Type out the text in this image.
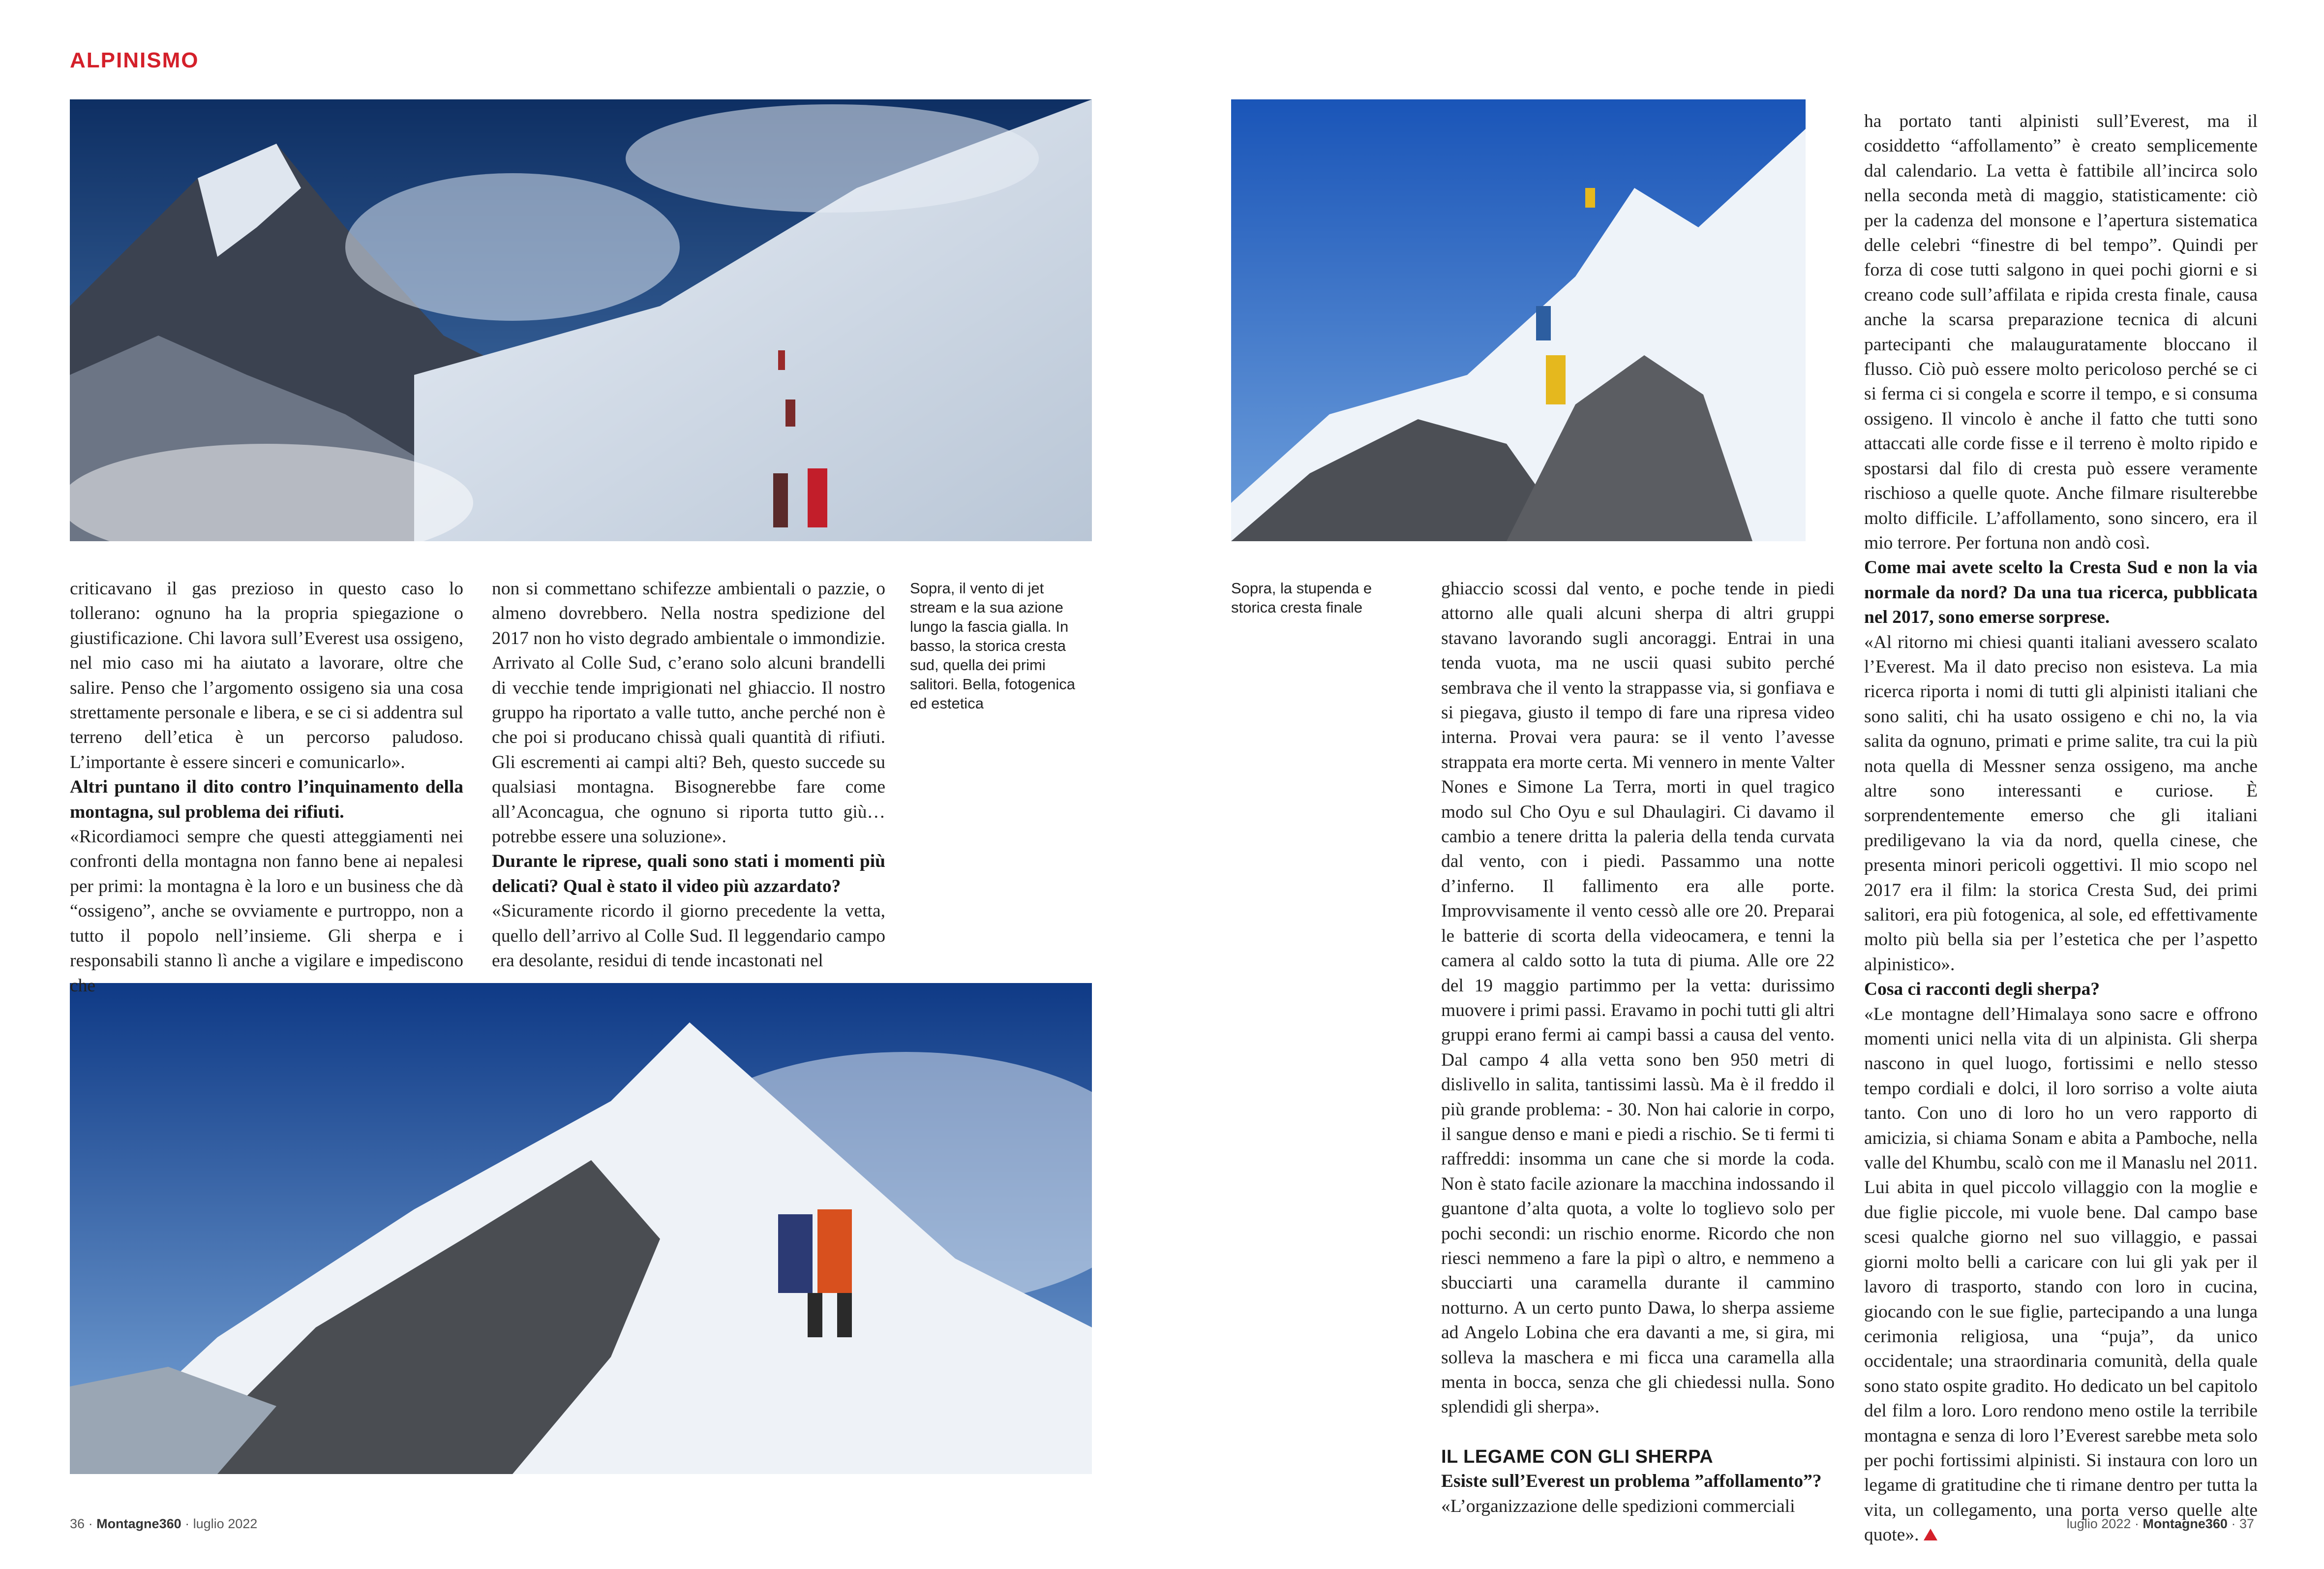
ALPINISMO
Sopra, il vento di jet stream e la sua azione lungo la fascia gialla. In basso, la storica cresta sud, quella dei primi salitori. Bella, fotogenica ed estetica
Sopra, la stupenda e storica cresta finale

criticavano il gas prezioso in questo caso lo tollerano: ognuno ha la propria spiegazione o giustificazione. Chi lavora sull’Everest usa ossigeno, nel mio caso mi ha aiutato a lavorare, oltre che salire. Penso che l’argomento ossigeno sia una cosa strettamente personale e libera, e se ci si addentra sul terreno dell’etica è un percorso paludoso. L’importante è essere sinceri e comunicarlo».

Altri puntano il dito contro l’inquinamento della montagna, sul problema dei rifiuti.

«Ricordiamoci sempre che questi atteggiamenti nei confronti della montagna non fanno bene ai nepalesi per primi: la montagna è la loro e un business che dà “ossigeno”, anche se ovviamente e purtroppo, non a tutto il popolo nell’insieme. Gli sherpa e i responsabili stanno lì anche a vigilare e impediscono che

non si commettano schifezze ambientali o pazzie, o almeno dovrebbero. Nella nostra spedizione del 2017 non ho visto degrado ambientale o immondizie. Arrivato al Colle Sud, c’erano solo alcuni brandelli di vecchie tende imprigionati nel ghiaccio. Il nostro gruppo ha riportato a valle tutto, anche perché non è che poi si producano chissà quali quantità di rifiuti. Gli escrementi ai campi alti? Beh, questo succede su qualsiasi montagna. Bisognerebbe fare come all’Aconcagua, che ognuno si riporta tutto giù… potrebbe essere una soluzione».

Durante le riprese, quali sono stati i momenti più delicati? Qual è stato il video più azzardato?

«Sicuramente ricordo il giorno precedente la vetta, quello dell’arrivo al Colle Sud. Il leggendario campo era desolante, residui di tende incastonati nel

ghiaccio scossi dal vento, e poche tende in piedi attorno alle quali alcuni sherpa di altri gruppi stavano lavorando sugli ancoraggi. Entrai in una tenda vuota, ma ne uscii quasi subito perché sembrava che il vento la strappasse via, si gonfiava e si piegava, giusto il tempo di fare una ripresa video interna. Provai vera paura: se il vento l’avesse strappata era morte certa. Mi vennero in mente Valter Nones e Simone La Terra, morti in quel tragico modo sul Cho Oyu e sul Dhaulagiri. Ci davamo il cambio a tenere dritta la paleria della tenda curvata dal vento, con i piedi. Passammo una notte d’inferno. Il fallimento era alle porte. Improvvisamente il vento cessò alle ore 20. Preparai le batterie di scorta della videocamera, e tenni la camera al caldo sotto la tuta di piuma. Alle ore 22 del 19 maggio partimmo per la vetta: durissimo muovere i primi passi. Eravamo in pochi tutti gli altri gruppi erano fermi ai campi bassi a causa del vento. Dal campo 4 alla vetta sono ben 950 metri di dislivello in salita, tantissimi lassù. Ma è il freddo il più grande problema: - 30. Non hai calorie in corpo, il sangue denso e mani e piedi a rischio. Se ti fermi ti raffreddi: insomma un cane che si morde la coda. Non è stato facile azionare la macchina indossando il guantone d’alta quota, a volte lo toglievo solo per pochi secondi: un rischio enorme. Ricordo che non riesci nemmeno a fare la pipì o altro, e nemmeno a sbucciarti una caramella durante il cammino notturno. A un certo punto Dawa, lo sherpa assieme ad Angelo Lobina che era davanti a me, si gira, mi solleva la maschera e mi ficca una caramella alla menta in bocca, senza che gli chiedessi nulla. Sono splendidi gli sherpa».

IL LEGAME CON GLI SHERPA

Esiste sull’Everest un problema ”affollamento”?

«L’organizzazione delle spedizioni commerciali

ha portato tanti alpinisti sull’Everest, ma il cosiddetto “affollamento” è creato semplicemente dal calendario. La vetta è fattibile all’incirca solo nella seconda metà di maggio, statisticamente: ciò per la cadenza del monsone e l’apertura sistematica delle celebri “finestre di bel tempo”. Quindi per forza di cose tutti salgono in quei pochi giorni e si creano code sull’affilata e ripida cresta finale, causa anche la scarsa preparazione tecnica di alcuni partecipanti che malauguratamente bloccano il flusso. Ciò può essere molto pericoloso perché se ci si ferma ci si congela e scorre il tempo, e si consuma ossigeno. Il vincolo è anche il fatto che tutti sono attaccati alle corde fisse e il terreno è molto ripido e spostarsi dal filo di cresta può essere veramente rischioso a quelle quote. Anche filmare risulterebbe molto difficile. L’affollamento, sono sincero, era il mio terrore. Per fortuna non andò così.

Come mai avete scelto la Cresta Sud e non la via normale da nord? Da una tua ricerca, pubblicata nel 2017, sono emerse sorprese.

«Al ritorno mi chiesi quanti italiani avessero scalato l’Everest. Ma il dato preciso non esisteva. La mia ricerca riporta i nomi di tutti gli alpinisti italiani che sono saliti, chi ha usato ossigeno e chi no, la via salita da ognuno, primati e prime salite, tra cui la più nota quella di Messner senza ossigeno, ma anche altre sono interessanti e curiose. È sorprendentemente emerso che gli italiani prediligevano la via da nord, quella cinese, che presenta minori pericoli oggettivi. Il mio scopo nel 2017 era il film: la storica Cresta Sud, dei primi salitori, era più fotogenica, al sole, ed effettivamente molto più bella sia per l’estetica che per l’aspetto alpinistico».

Cosa ci racconti degli sherpa?

«Le montagne dell’Himalaya sono sacre e offrono momenti unici nella vita di un alpinista. Gli sherpa nascono in quel luogo, fortissimi e nello stesso tempo cordiali e dolci, il loro sorriso a volte aiuta tanto. Con uno di loro ho un vero rapporto di amicizia, si chiama Sonam e abita a Pamboche, nella valle del Khumbu, scalò con me il Manaslu nel 2011. Lui abita in quel piccolo villaggio con la moglie e due figlie piccole, mi vuole bene. Dal campo base scesi qualche giorno nel suo villaggio, e passai giorni molto belli a caricare con lui gli yak per il lavoro di trasporto, stando con loro in cucina, giocando con le sue figlie, partecipando a una lunga cerimonia religiosa, una “puja”, da unico occidentale; una straordinaria comunità, della quale sono stato ospite gradito. Ho dedicato un bel capitolo del film a loro. Loro rendono meno ostile la terribile montagna e senza di loro l’Everest sarebbe meta solo per pochi fortissimi alpinisti. Si instaura con loro un legame di gratitudine che ti rimane dentro per tutta la vita, un collegamento, una porta verso quelle alte quote».

36 · Montagne360 · luglio 2022	luglio 2022 · Montagne360 · 37
